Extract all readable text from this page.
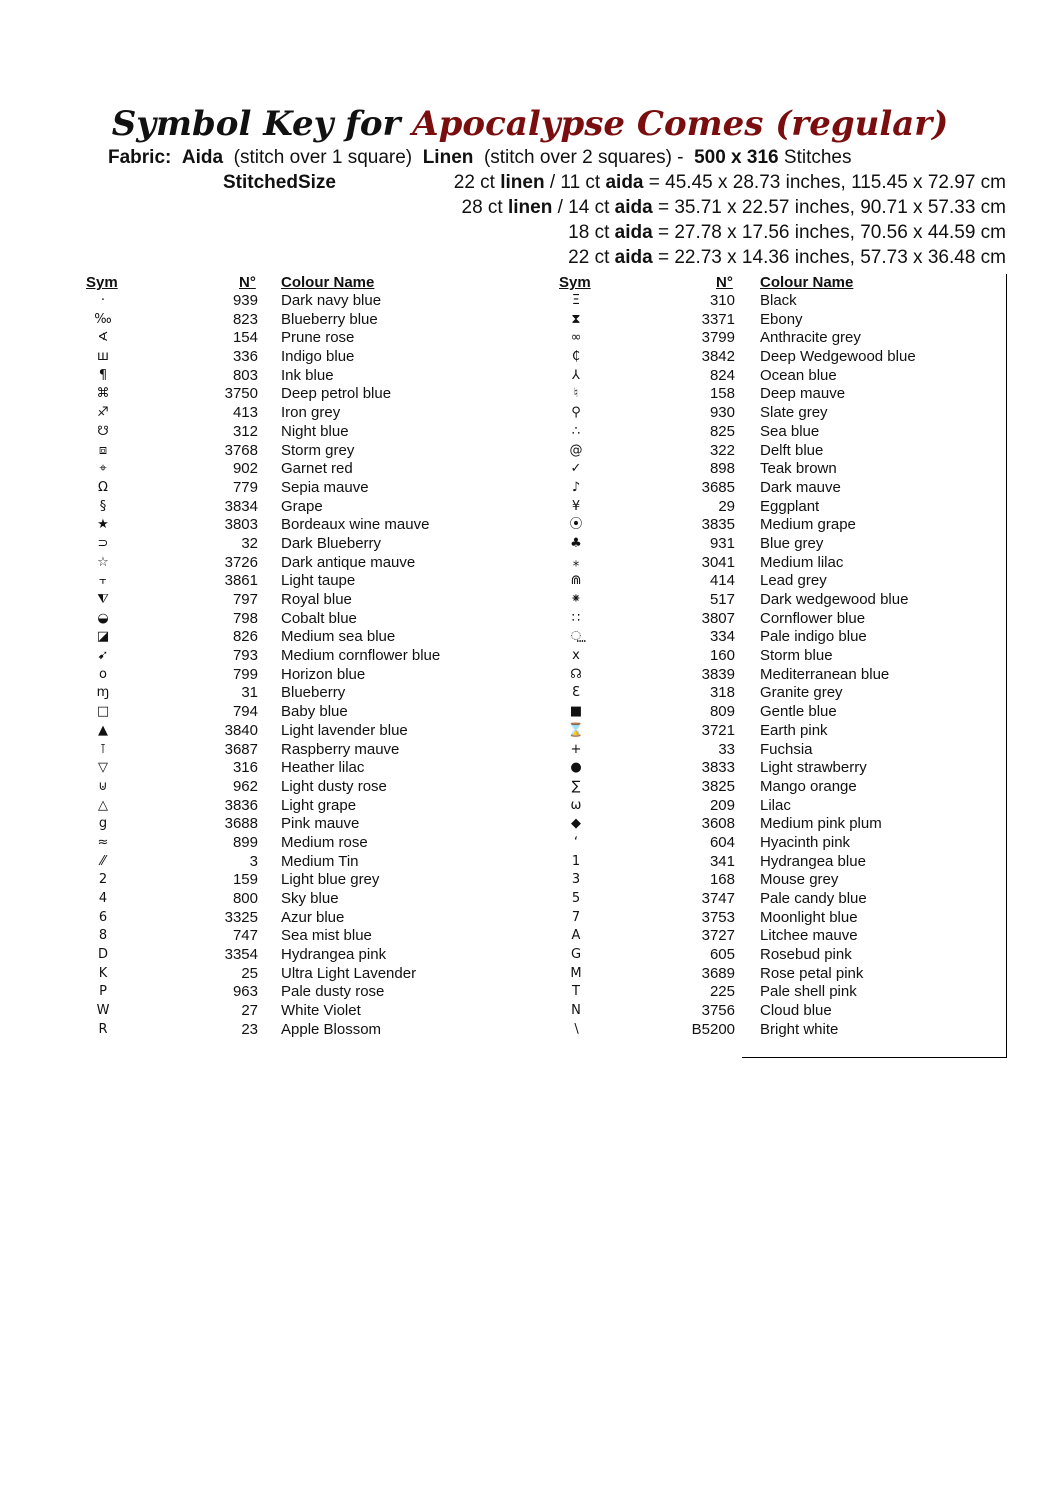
Symbol Key for Apocalypse Comes (regular)
Fabric: Aida (stitch over 1 square) Linen (stitch over 2 squares) - 500 x 316 Stitches
22 ct linen / 11 ct aida = 45.45 x 28.73 inches, 115.45 x 72.97 cm
28 ct linen / 14 ct aida = 35.71 x 22.57 inches, 90.71 x 57.33 cm
18 ct aida = 27.78 x 17.56 inches, 70.56 x 44.59 cm
22 ct aida = 22.73 x 14.36 inches, 57.73 x 36.48 cm
Sym	N° Colour Name	Sym	N° Colour Name
·	939 Dark navy blue
‰	823 Blueberry blue
∢	154 Prune rose
ш	336 Indigo blue
¶	803 Ink blue
⌘	3750 Deep petrol blue
♐	413 Iron grey
☋	312 Night blue
⧈	3768 Storm grey
⌖	902 Garnet red
Ω	779 Sepia mauve
§	3834 Grape
★	3803 Bordeaux wine mauve
⊃	32 Dark Blueberry
☆	3726 Dark antique mauve
⫟	3861 Light taupe
⧨	797 Royal blue
◒	798 Cobalt blue
◪	826 Medium sea blue
➹	793 Medium cornflower blue
o	799 Horizon blue
ɱ	31 Blueberry
□	794 Baby blue
▲	3840 Light lavender blue
⊺	3687 Raspberry mauve
▽	316 Heather lilac
⊍	962 Light dusty rose
△	3836 Light grape
g	3688 Pink mauve
≈	899 Medium rose
⁄⁄	3 Medium Tin
2	159 Light blue grey
4	800 Sky blue
6	3325 Azur blue
8	747 Sea mist blue
D	3354 Hydrangea pink
K	25 Ultra Light Lavender
P	963 Pale dusty rose
W	27 White Violet
R	23 Apple Blossom
Ξ	310 Black
⧗	3371 Ebony
∞	3799 Anthracite grey
₵	3842 Deep Wedgewood blue
⅄	824 Ocean blue
♮	158 Deep mauve
⚲	930 Slate grey
∴	825 Sea blue
@	322 Delft blue
✓	898 Teak brown
♪	3685 Dark mauve
¥	29 Eggplant
⦿	3835 Medium grape
♣	931 Blue grey
⁎	3041 Medium lilac
⋒	414 Lead grey
⁕	517 Dark wedgewood blue
∷	3807 Cornflower blue
⵿	334 Pale indigo blue
x	160 Storm blue
☊	3839 Mediterranean blue
Ɛ	318 Granite grey
■	809 Gentle blue
⌛	3721 Earth pink
+	33 Fuchsia
●	3833 Light strawberry
∑	3825 Mango orange
ω	209 Lilac
◆	3608 Medium pink plum
ʻ	604 Hyacinth pink
1	341 Hydrangea blue
3	168 Mouse grey
5	3747 Pale candy blue
7	3753 Moonlight blue
A	3727 Litchee mauve
G	605 Rosebud pink
M	3689 Rose petal pink
T	225 Pale shell pink
N	3756 Cloud blue
∖	B5200 Bright white
StitchedSize
